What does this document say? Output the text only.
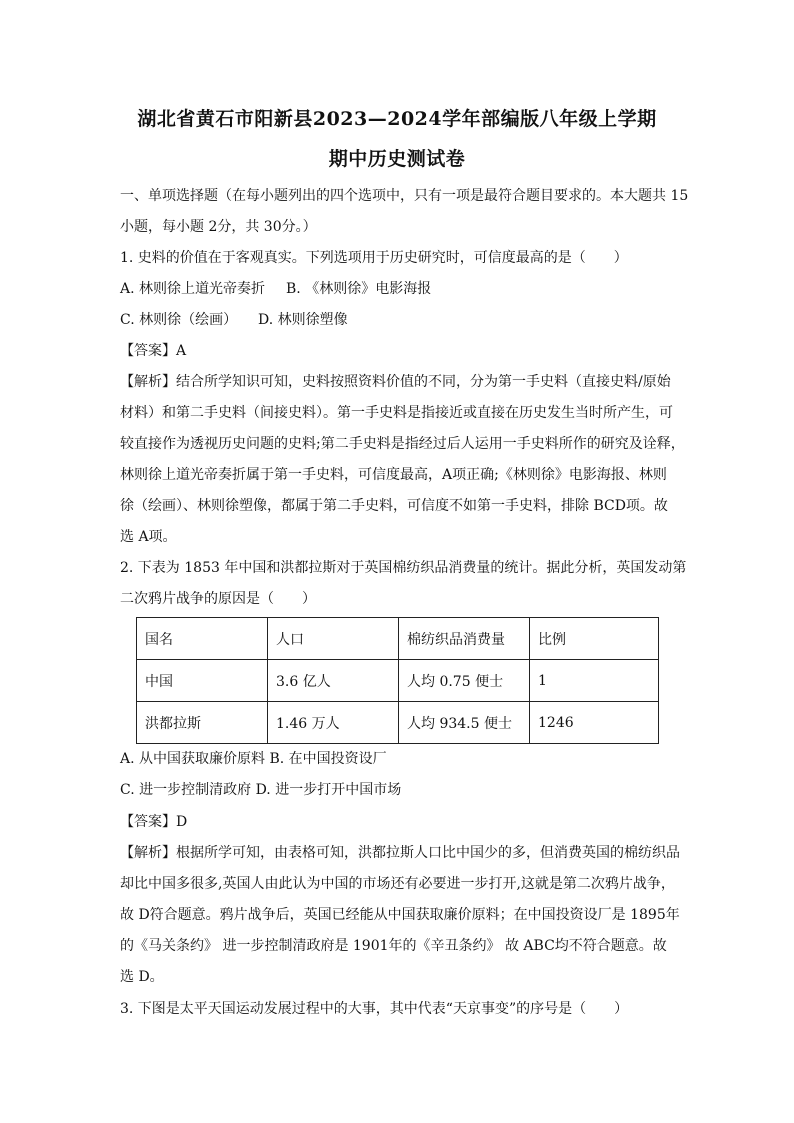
湖北省黄石市阳新县2023—2024学年部编版八年级上学期
期中历史测试卷
一、单项选择题（在每小题列出的四个选项中，只有一项是最符合题目要求的。本大题共 15
小题，每小题 2分，共 30分。）
1. 史料的价值在于客观真实。下列选项用于历史研究时，可信度最高的是（　　）
A. 林则徐上道光帝奏折 B. 《林则徐》电影海报
C. 林则徐（绘画） D. 林则徐塑像
【答案】A
【解析】结合所学知识可知，史料按照资料价值的不同，分为第一手史料（直接史料/原始
材料）和第二手史料（间接史料）。第一手史料是指接近或直接在历史发生当时所产生，可
较直接作为透视历史问题的史料;第二手史料是指经过后人运用一手史料所作的研究及诠释，
林则徐上道光帝奏折属于第一手史料，可信度最高，A项正确;《林则徐》电影海报、林则
徐（绘画）、林则徐塑像，都属于第二手史料，可信度不如第一手史料，排除 BCD项。故
选 A项。
2. 下表为 1853 年中国和洪都拉斯对于英国棉纺织品消费量的统计。据此分析，英国发动第
二次鸦片战争的原因是（　　）
国名	人口	棉纺织品消费量	比例
中国	3.6 亿人	人均 0.75 便士	1
洪都拉斯	1.46 万人	人均 934.5 便士	1246
A. 从中国获取廉价原料 B. 在中国投资设厂
C. 进一步控制清政府 D. 进一步打开中国市场
【答案】D
【解析】根据所学可知，由表格可知，洪都拉斯人口比中国少的多，但消费英国的棉纺织品
却比中国多很多,英国人由此认为中国的市场还有必要进一步打开,这就是第二次鸦片战争，
故 D符合题意。鸦片战争后，英国已经能从中国获取廉价原料；在中国投资设厂是 1895年
的《马关条约》 进一步控制清政府是 1901年的《辛丑条约》 故 ABC均不符合题意。故
选 D。
3. 下图是太平天国运动发展过程中的大事，其中代表“天京事变”的序号是（　　）
